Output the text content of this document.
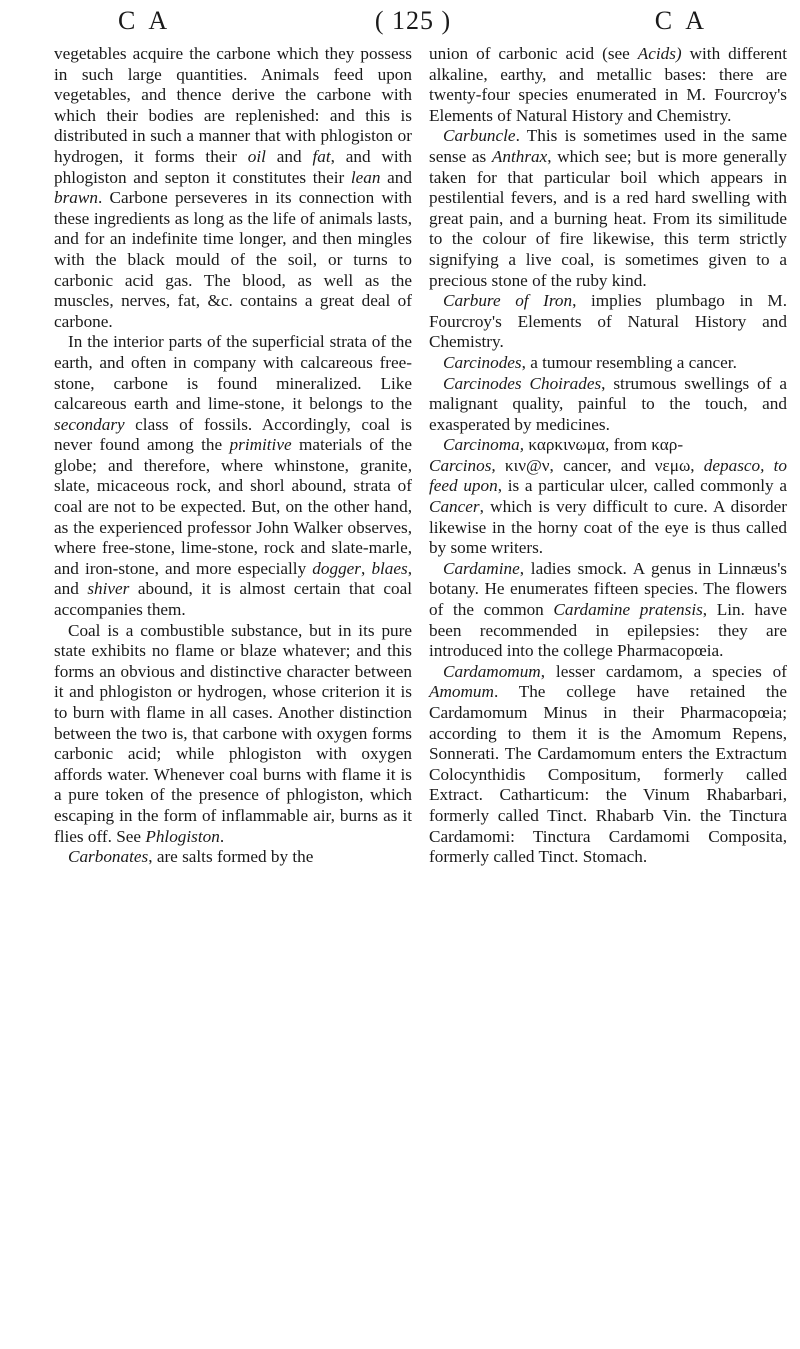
C A	( 125 )	C A

vegetables acquire the carbone which they possess in such large quantities. Animals feed upon vegetables, and thence derive the carbone with which their bodies are replenished: and this is distributed in such a manner that with phlogiston or hydrogen, it forms their oil and fat, and with phlogiston and septon it constitutes their lean and brawn. Carbone perseveres in its connection with these ingredients as long as the life of animals lasts, and for an indefinite time longer, and then mingles with the black mould of the soil, or turns to carbonic acid gas. The blood, as well as the muscles, nerves, fat, &c. contains a great deal of carbone.

In the interior parts of the superficial strata of the earth, and often in company with calcareous free-stone, carbone is found mineralized. Like calcareous earth and lime-stone, it belongs to the secondary class of fossils. Accordingly, coal is never found among the primitive materials of the globe; and therefore, where whinstone, granite, slate, micaceous rock, and shorl abound, strata of coal are not to be expected. But, on the other hand, as the experienced professor John Walker observes, where free-stone, lime-stone, rock and slate-marle, and iron-stone, and more especially dogger, blaes, and shiver abound, it is almost certain that coal accompanies them.

Coal is a combustible substance, but in its pure state exhibits no flame or blaze whatever; and this forms an obvious and distinctive character between it and phlogiston or hydrogen, whose criterion it is to burn with flame in all cases. Another distinction between the two is, that carbone with oxygen forms carbonic acid; while phlogiston with oxygen affords water. Whenever coal burns with flame it is a pure token of the presence of phlogiston, which escaping in the form of inflammable air, burns as it flies off. See Phlogiston.

Carbonates, are salts formed by the

union of carbonic acid (see Acids) with different alkaline, earthy, and metallic bases: there are twenty-four species enumerated in M. Fourcroy's Elements of Natural History and Chemistry.

Carbuncle. This is sometimes used in the same sense as Anthrax, which see; but is more generally taken for that particular boil which appears in pestilential fevers, and is a red hard swelling with great pain, and a burning heat. From its similitude to the colour of fire likewise, this term strictly signifying a live coal, is sometimes given to a precious stone of the ruby kind.

Carbure of Iron, implies plumbago in M. Fourcroy's Elements of Natural History and Chemistry.

Carcinodes, a tumour resembling a cancer.

Carcinodes Choirades, strumous swellings of a malignant quality, painful to the touch, and exasperated by medicines.

Carcinoma, καρκινωμα, from καρ-
Carcinos, κιν@ν, cancer, and νεμω, depasco, to feed upon, is a particular ulcer, called commonly a Cancer, which is very difficult to cure. A disorder likewise in the horny coat of the eye is thus called by some writers.

Cardamine, ladies smock. A genus in Linnæus's botany. He enumerates fifteen species. The flowers of the common Cardamine pratensis, Lin. have been recommended in epilepsies: they are introduced into the college Pharmacopœia.

Cardamomum, lesser cardamom, a species of Amomum. The college have retained the Cardamomum Minus in their Pharmacopœia; according to them it is the Amomum Repens, Sonnerati. The Cardamomum enters the Extractum Colocynthidis Compositum, formerly called Extract. Catharticum: the Vinum Rhabarbari, formerly called Tinct. Rhabarb Vin. the Tinctura Cardamomi: Tinctura Cardamomi Composita, formerly called Tinct. Stomach.
